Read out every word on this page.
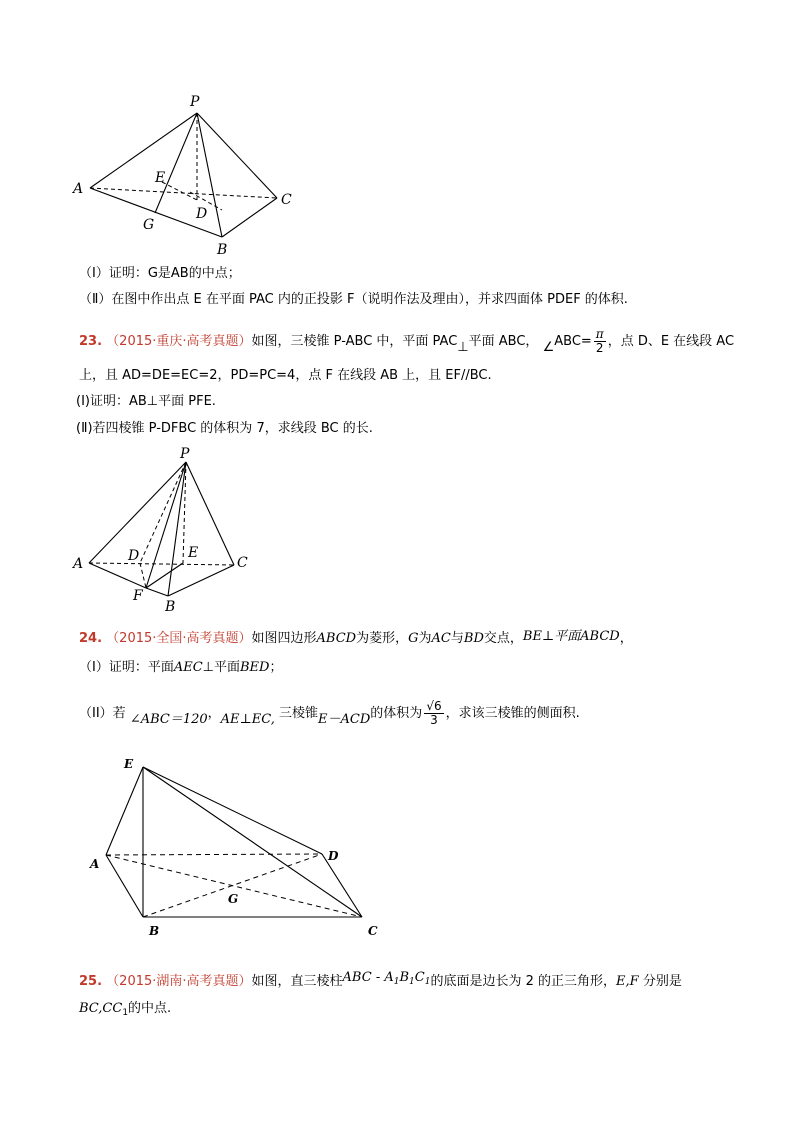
P
A
C
E
D
G
B
（Ⅰ）证明：G是AB的中点；
（Ⅱ）在图中作出点 E 在平面 PAC 内的正投影 F（说明作法及理由），并求四面体 PDEF 的体积.
23. （2015·重庆·高考真题）如图，三棱锥 P-ABC 中，平面 PAC⊥平面 ABC， ∠ABC= $\frac{\pi}{2}$ ，点 D、E 在线段 AC
上，且 AD=DE=EC=2，PD=PC=4，点 F 在线段 AB 上，且 EF//BC.
(Ⅰ)证明：AB⊥平面 PFE.
(Ⅱ)若四棱锥 P-DFBC 的体积为 7，求线段 BC 的长.
P
A	C
D	E
F
B
24. （2015·全国·高考真题）如图四边形ABCD为菱形，G为AC与BD交点，BE⊥平面ABCD，
（I）证明：平面AEC⊥平面BED；
（II）若 ∠ABC＝120，AE⊥EC, 三棱锥E－ACD的体积为 $\frac{√6}{3}$ ，求该三棱锥的侧面积.
E
A
D
G
B	C
25. （2015·湖南·高考真题）如图，直三棱柱ABC - $A_1B_1C_1$的底面是边长为 2 的正三角形，E,F 分别是
$BC,CC_1$的中点.
